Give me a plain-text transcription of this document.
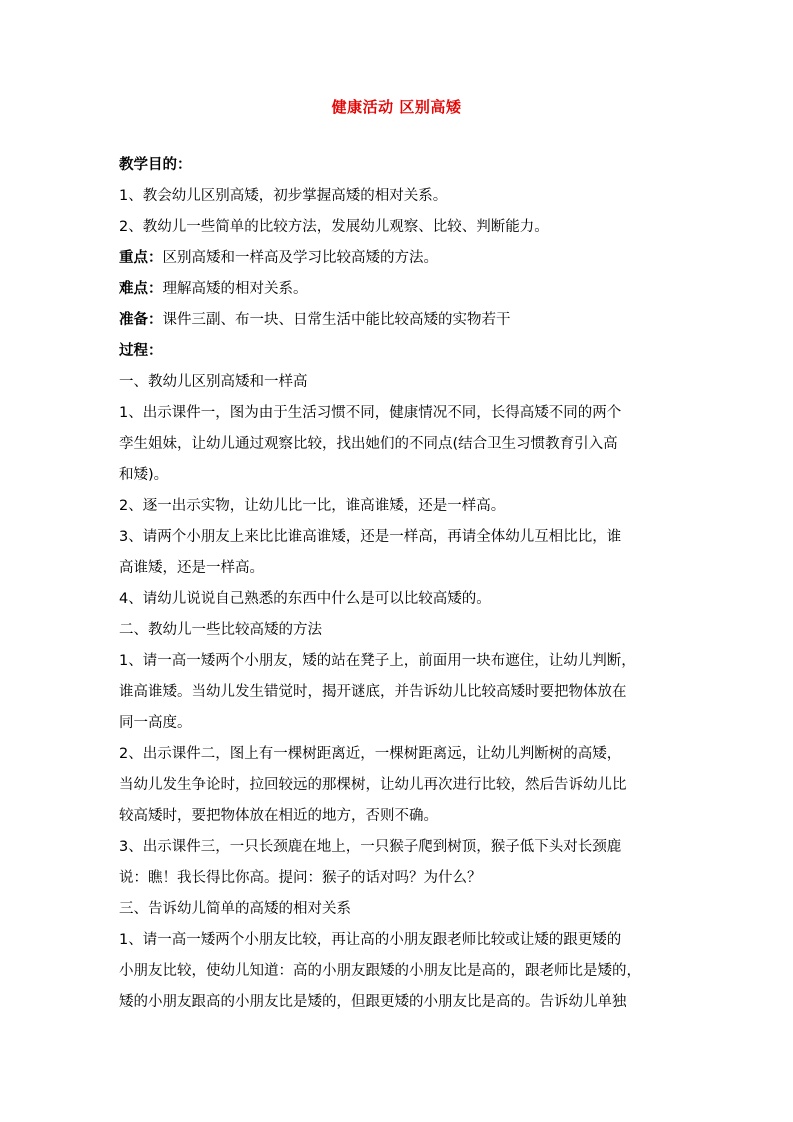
健康活动 区别高矮

教学目的：

1、教会幼儿区别高矮，初步掌握高矮的相对关系。

2、教幼儿一些简单的比较方法，发展幼儿观察、比较、判断能力。

重点：区别高矮和一样高及学习比较高矮的方法。

难点：理解高矮的相对关系。

准备：课件三副、布一块、日常生活中能比较高矮的实物若干

过程：

一、教幼儿区别高矮和一样高

1、出示课件一，图为由于生活习惯不同，健康情况不同，长得高矮不同的两个
孪生姐妹，让幼儿通过观察比较，找出她们的不同点(结合卫生习惯教育引入高
和矮)。

2、逐一出示实物，让幼儿比一比，谁高谁矮，还是一样高。

3、请两个小朋友上来比比谁高谁矮，还是一样高，再请全体幼儿互相比比，谁
高谁矮，还是一样高。

4、请幼儿说说自己熟悉的东西中什么是可以比较高矮的。

二、教幼儿一些比较高矮的方法

1、请一高一矮两个小朋友，矮的站在凳子上，前面用一块布遮住，让幼儿判断，
谁高谁矮。当幼儿发生错觉时，揭开谜底，并告诉幼儿比较高矮时要把物体放在
同一高度。
2、出示课件二，图上有一棵树距离近，一棵树距离远，让幼儿判断树的高矮，
当幼儿发生争论时，拉回较远的那棵树，让幼儿再次进行比较，然后告诉幼儿比
较高矮时，要把物体放在相近的地方，否则不确。
3、出示课件三，一只长颈鹿在地上，一只猴子爬到树顶，猴子低下头对长颈鹿
说：瞧！我长得比你高。提问：猴子的话对吗？为什么？

三、告诉幼儿简单的高矮的相对关系

1、请一高一矮两个小朋友比较，再让高的小朋友跟老师比较或让矮的跟更矮的
小朋友比较，使幼儿知道：高的小朋友跟矮的小朋友比是高的，跟老师比是矮的，
矮的小朋友跟高的小朋友比是矮的，但跟更矮的小朋友比是高的。告诉幼儿单独
